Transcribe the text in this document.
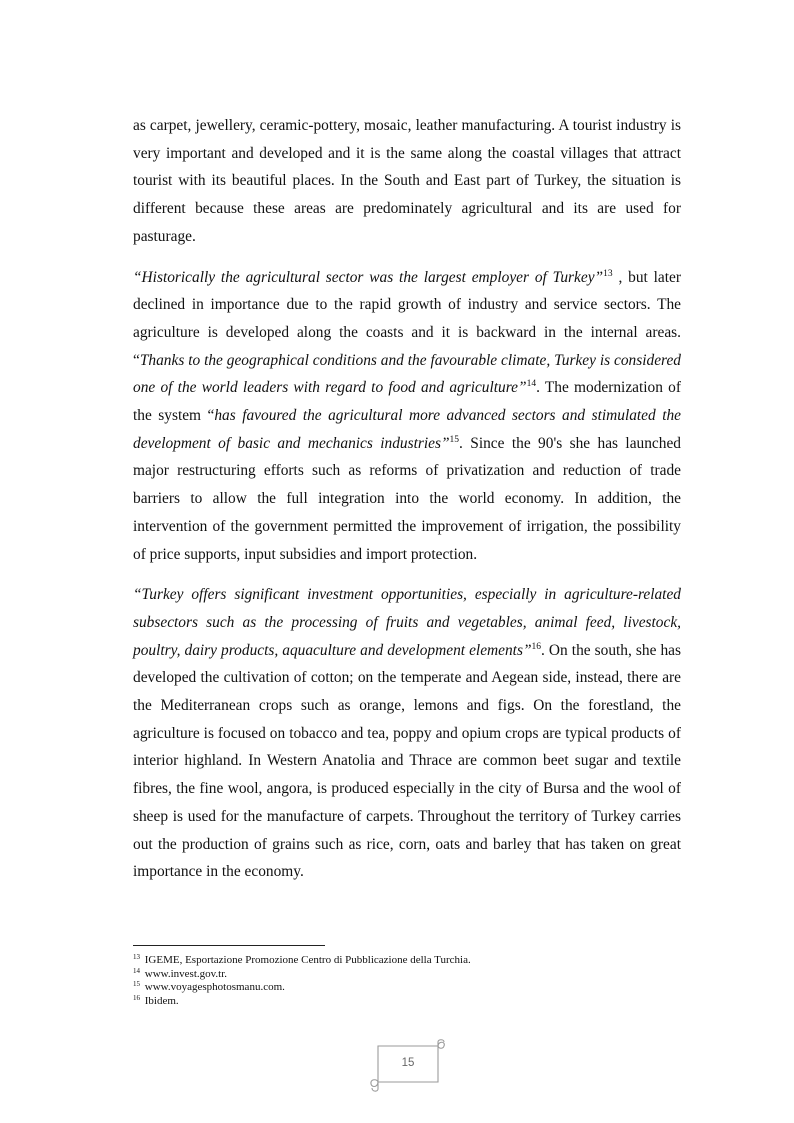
as carpet, jewellery, ceramic-pottery, mosaic, leather manufacturing. A tourist industry is very important and developed and it is the same along the coastal villages that attract tourist with its beautiful places. In the South and East part of Turkey, the situation is different because these areas are predominately agricultural and its are used for pasturage.

“Historically the agricultural sector was the largest employer of Turkey”$^{13}$ , but later declined in importance due to the rapid growth of industry and service sectors. The agriculture is developed along the coasts and it is backward in the internal areas. “Thanks to the geographical conditions and the favourable climate, Turkey is considered one of the world leaders with regard to food and agriculture”$^{14}$. The modernization of the system “has favoured the agricultural more advanced sectors and stimulated the development of basic and mechanics industries”$^{15}$. Since the 90's she has launched major restructuring efforts such as reforms of privatization and reduction of trade barriers to allow the full integration into the world economy. In addition, the intervention of the government permitted the improvement of irrigation, the possibility of price supports, input subsidies and import protection.

“Turkey offers significant investment opportunities, especially in agriculture-related subsectors such as the processing of fruits and vegetables, animal feed, livestock, poultry, dairy products, aquaculture and development elements”$^{16}$. On the south, she has developed the cultivation of cotton; on the temperate and Aegean side, instead, there are the Mediterranean crops such as orange, lemons and figs. On the forestland, the agriculture is focused on tobacco and tea, poppy and opium crops are typical products of interior highland. In Western Anatolia and Thrace are common beet sugar and textile fibres, the fine wool, angora, is produced especially in the city of Bursa and the wool of sheep is used for the manufacture of carpets. Throughout the territory of Turkey carries out the production of grains such as rice, corn, oats and barley that has taken on great importance in the economy.

$^{13}$ IGEME, Esportazione Promozione Centro di Pubblicazione della Turchia.
$^{14}$ www.invest.gov.tr.
$^{15}$ www.voyagesphotosmanu.com.
$^{16}$ Ibidem.
15
